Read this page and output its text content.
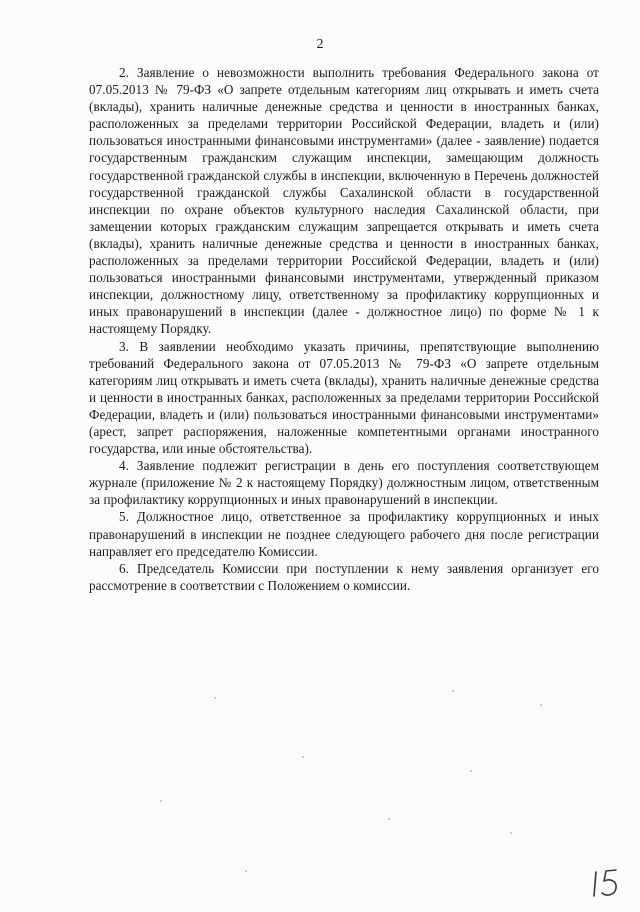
2

2. Заявление о невозможности выполнить требования Федерального закона от 07.05.2013 № 79-ФЗ «О запрете отдельным категориям лиц открывать и иметь счета (вклады), хранить наличные денежные средства и ценности в иностранных банках, расположенных за пределами территории Российской Федерации, владеть и (или) пользоваться иностранными финансовыми инструментами» (далее - заявление) подается государственным гражданским служащим инспекции, замещающим должность государственной гражданской службы в инспекции, включенную в Перечень должностей государственной гражданской службы Сахалинской области в государственной инспекции по охране объектов культурного наследия Сахалинской области, при замещении которых гражданским служащим запрещается открывать и иметь счета (вклады), хранить наличные денежные средства и ценности в иностранных банках, расположенных за пределами территории Российской Федерации, владеть и (или) пользоваться иностранными финансовыми инструментами, утвержденный приказом инспекции, должностному лицу, ответственному за профилактику коррупционных и иных правонарушений в инспекции (далее - должностное лицо) по форме № 1 к настоящему Порядку.

3. В заявлении необходимо указать причины, препятствующие выполнению требований Федерального закона от 07.05.2013 № 79-ФЗ «О запрете отдельным категориям лиц открывать и иметь счета (вклады), хранить наличные денежные средства и ценности в иностранных банках, расположенных за пределами территории Российской Федерации, владеть и (или) пользоваться иностранными финансовыми инструментами» (арест, запрет распоряжения, наложенные компетентными органами иностранного государства, или иные обстоятельства).

4. Заявление подлежит регистрации в день его поступления соответствующем журнале (приложение № 2 к настоящему Порядку) должностным лицом, ответственным за профилактику коррупционных и иных правонарушений в инспекции.

5. Должностное лицо, ответственное за профилактику коррупционных и иных правонарушений в инспекции не позднее следующего рабочего дня после регистрации направляет его председателю Комиссии.

6. Председатель Комиссии при поступлении к нему заявления организует его рассмотрение в соответствии с Положением о комиссии.
